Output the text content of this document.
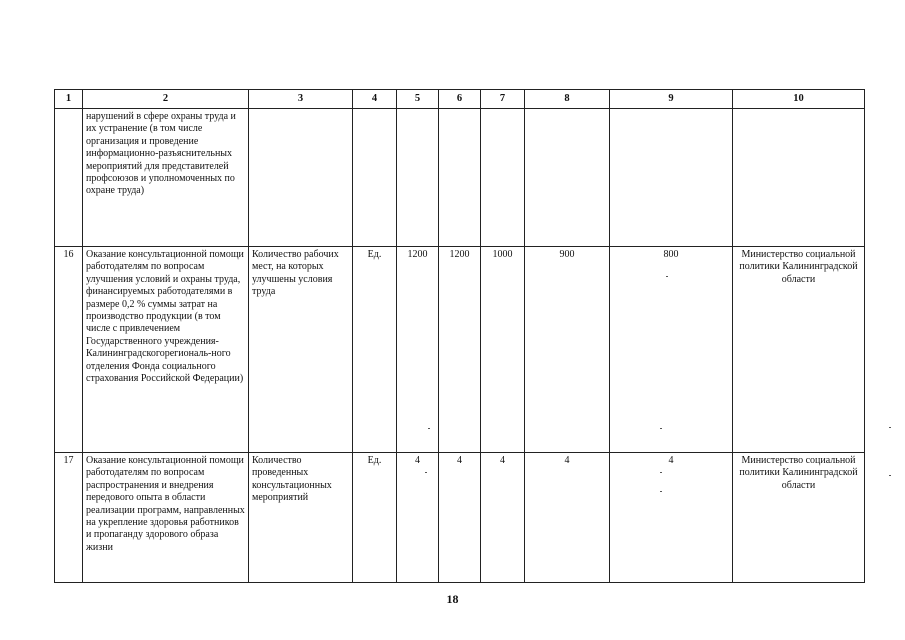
1	2	3	4	5	6	7	8	9	10
	нарушений в сфере охраны труда и их устранение (в том числе организация и проведение информационно-разъяснительных мероприятий для представителей профсоюзов и уполномоченных по охране труда)								
16	Оказание консультационной помощи работодателям по вопросам улучшения условий и охраны труда, финансируемых работодателями в размере 0,2 % суммы затрат на производство продукции (в том числе с привлечением Государственного учреждения-Калининградскогорегиональ-ного отделения Фонда социального страхования Российской Федерации)	Количество рабочих мест, на которых улучшены условия труда	Ед.	1200	1200	1000	900	800	Министерство социальной политики Калининградской области
17	Оказание консультационной помощи работодателям по вопросам распространения и внедрения передового опыта в области реализации программ, направленных на укрепление здоровья работников и пропаганду здорового образа жизни	Количество проведенных консультационных мероприятий	Ед.	4	4	4	4	4	Министерство социальной политики Калининградской области
18
